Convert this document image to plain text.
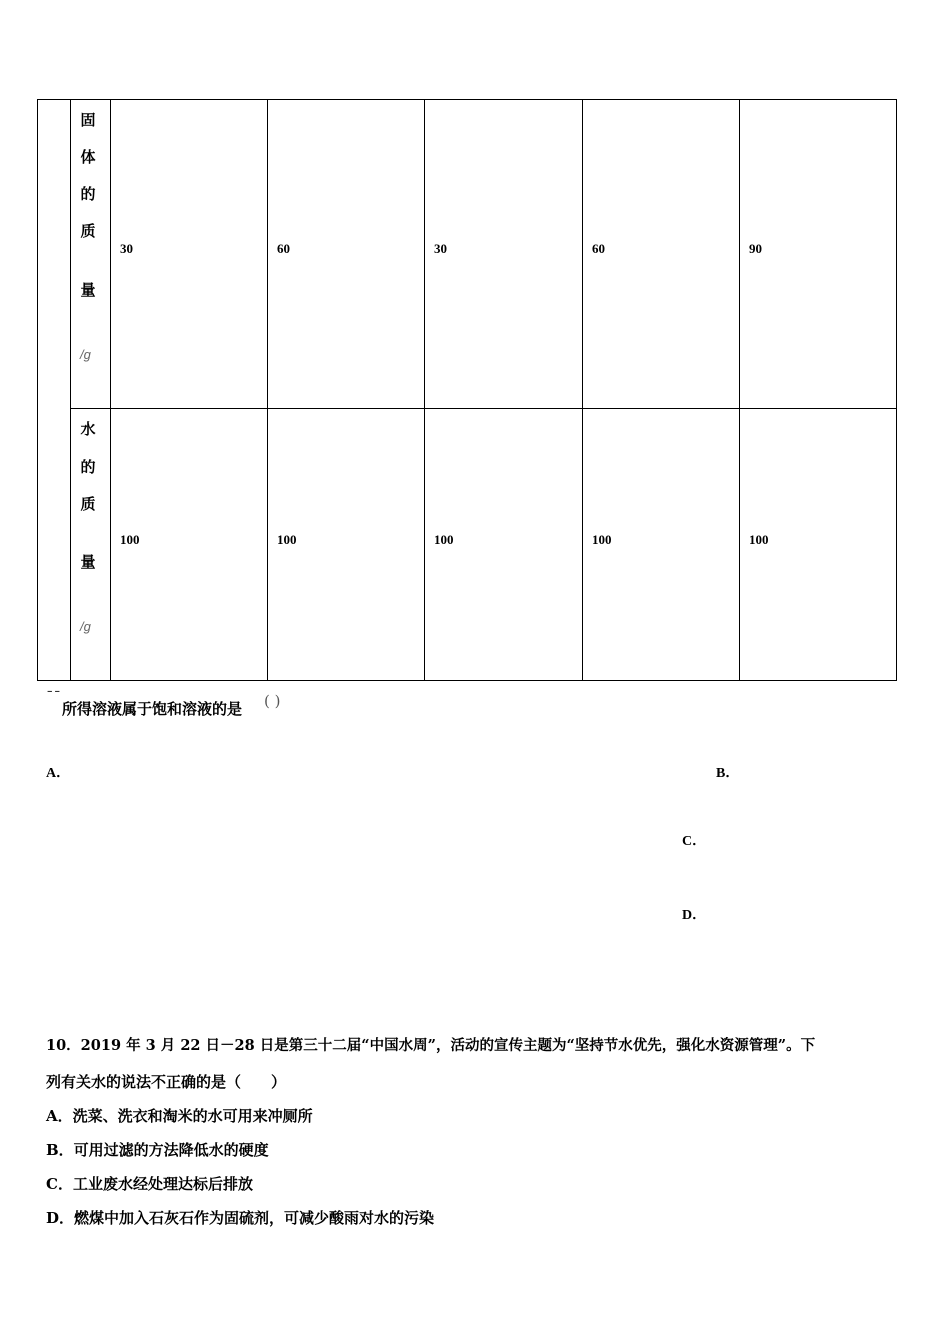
固
体
的
质
量
/g
30	60	30	60	90
水
的
质
量
/g
100	100	100	100	100
¯¯
所得溶液属于饱和溶液的是 ( )
A．	B．
C．
D．
10．2019 年 3 月 22 日－28 日是第三十二届“中国水周”，活动的宣传主题为“坚持节水优先，强化水资源管理”。下
列有关水的说法不正确的是（　　）
A．洗菜、洗衣和淘米的水可用来冲厕所
B．可用过滤的方法降低水的硬度
C．工业废水经处理达标后排放
D．燃煤中加入石灰石作为固硫剂，可减少酸雨对水的污染
